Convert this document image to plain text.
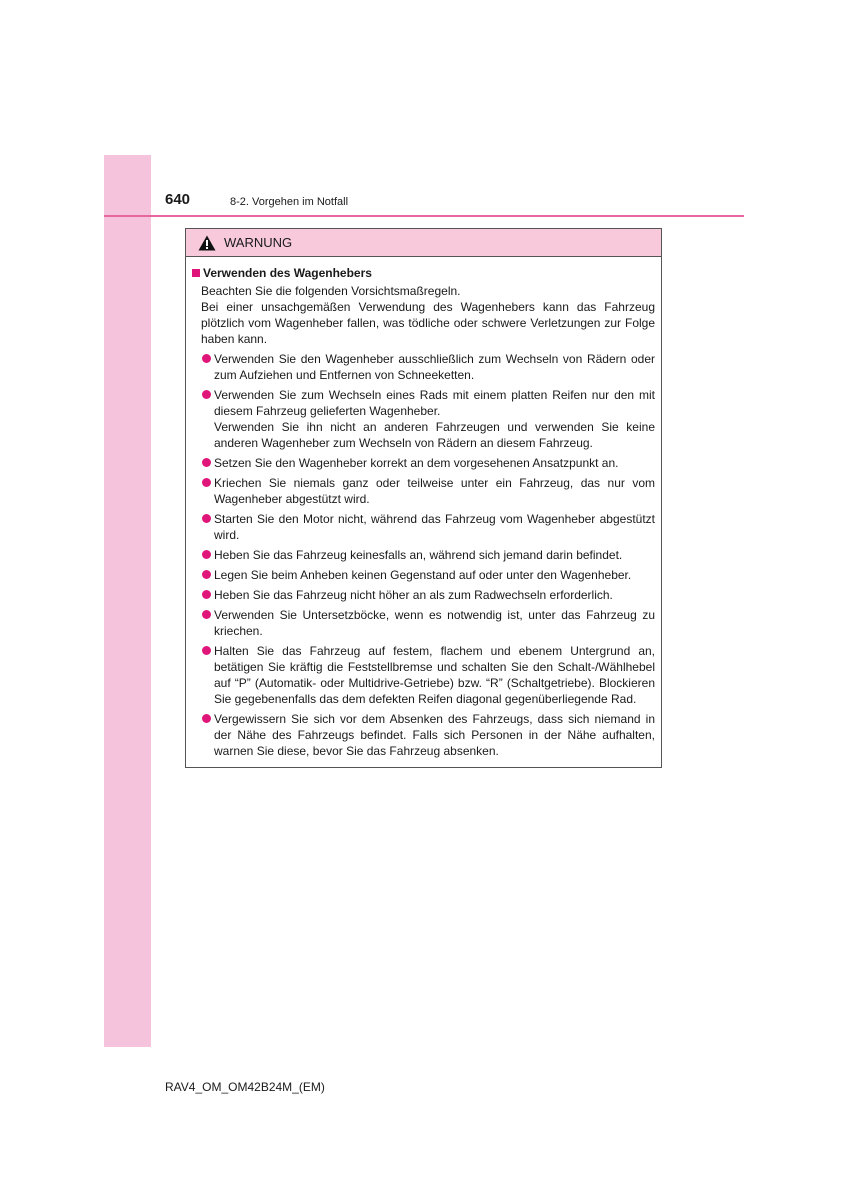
640	8-2. Vorgehen im Notfall
WARNUNG
Verwenden des Wagenhebers

Beachten Sie die folgenden Vorsichtsmaßregeln.

Bei einer unsachgemäßen Verwendung des Wagenhebers kann das Fahrzeug plötzlich vom Wagenheber fallen, was tödliche oder schwere Verletzungen zur Folge haben kann.

Verwenden Sie den Wagenheber ausschließlich zum Wechseln von Rädern oder zum Aufziehen und Entfernen von Schneeketten.
Verwenden Sie zum Wechseln eines Rads mit einem platten Reifen nur den mit diesem Fahrzeug gelieferten Wagenheber.
Verwenden Sie ihn nicht an anderen Fahrzeugen und verwenden Sie keine anderen Wagenheber zum Wechseln von Rädern an diesem Fahrzeug.
Setzen Sie den Wagenheber korrekt an dem vorgesehenen Ansatzpunkt an.
Kriechen Sie niemals ganz oder teilweise unter ein Fahrzeug, das nur vom Wagenheber abgestützt wird.
Starten Sie den Motor nicht, während das Fahrzeug vom Wagenheber abgestützt wird.
Heben Sie das Fahrzeug keinesfalls an, während sich jemand darin befindet.
Legen Sie beim Anheben keinen Gegenstand auf oder unter den Wagenheber.
Heben Sie das Fahrzeug nicht höher an als zum Radwechseln erforderlich.
Verwenden Sie Untersetzböcke, wenn es notwendig ist, unter das Fahrzeug zu kriechen.
Halten Sie das Fahrzeug auf festem, flachem und ebenem Untergrund an, betätigen Sie kräftig die Feststellbremse und schalten Sie den Schalt-/Wählhebel auf “P” (Automatik- oder Multidrive-Getriebe) bzw. “R” (Schaltgetriebe). Blockieren Sie gegebenenfalls das dem defekten Reifen diagonal gegenüberliegende Rad.
Vergewissern Sie sich vor dem Absenken des Fahrzeugs, dass sich niemand in der Nähe des Fahrzeugs befindet. Falls sich Personen in der Nähe aufhalten, warnen Sie diese, bevor Sie das Fahrzeug absenken.
RAV4_OM_OM42B24M_(EM)
